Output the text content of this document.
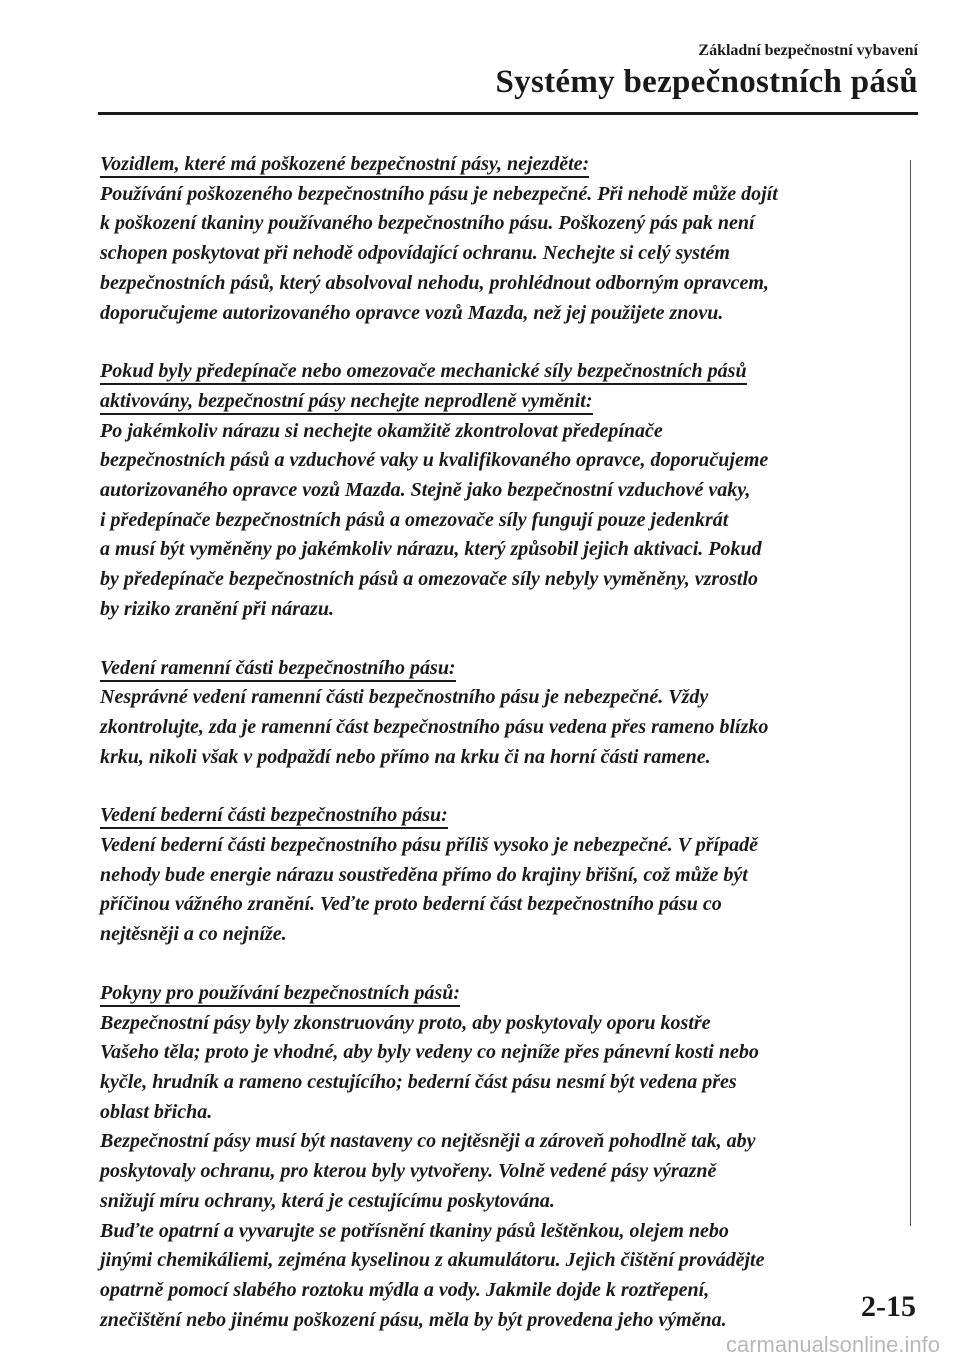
Základní bezpečnostní vybavení
Systémy bezpečnostních pásů
Vozidlem, které má poškozené bezpečnostní pásy, nejezděte:
Používání poškozeného bezpečnostního pásu je nebezpečné. Při nehodě může dojít
k poškození tkaniny používaného bezpečnostního pásu. Poškozený pás pak není
schopen poskytovat při nehodě odpovídající ochranu. Nechejte si celý systém
bezpečnostních pásů, který absolvoval nehodu, prohlédnout odborným opravcem,
doporučujeme autorizovaného opravce vozů Mazda, než jej použijete znovu.
Pokud byly předepínače nebo omezovače mechanické síly bezpečnostních pásů
aktivovány, bezpečnostní pásy nechejte neprodleně vyměnit:
Po jakémkoliv nárazu si nechejte okamžitě zkontrolovat předepínače
bezpečnostních pásů a vzduchové vaky u kvalifikovaného opravce, doporučujeme
autorizovaného opravce vozů Mazda. Stejně jako bezpečnostní vzduchové vaky,
i předepínače bezpečnostních pásů a omezovače síly fungují pouze jedenkrát
a musí být vyměněny po jakémkoliv nárazu, který způsobil jejich aktivaci. Pokud
by předepínače bezpečnostních pásů a omezovače síly nebyly vyměněny, vzrostlo
by riziko zranění při nárazu.
Vedení ramenní části bezpečnostního pásu:
Nesprávné vedení ramenní části bezpečnostního pásu je nebezpečné. Vždy
zkontrolujte, zda je ramenní část bezpečnostního pásu vedena přes rameno blízko
krku, nikoli však v podpaždí nebo přímo na krku či na horní části ramene.
Vedení bederní části bezpečnostního pásu:
Vedení bederní části bezpečnostního pásu příliš vysoko je nebezpečné. V případě
nehody bude energie nárazu soustředěna přímo do krajiny břišní, což může být
příčinou vážného zranění. Veďte proto bederní část bezpečnostního pásu co
nejtěsněji a co nejníže.
Pokyny pro používání bezpečnostních pásů:
Bezpečnostní pásy byly zkonstruovány proto, aby poskytovaly oporu kostře
Vašeho těla; proto je vhodné, aby byly vedeny co nejníže přes pánevní kosti nebo
kyčle, hrudník a rameno cestujícího; bederní část pásu nesmí být vedena přes
oblast břicha.
Bezpečnostní pásy musí být nastaveny co nejtěsněji a zároveň pohodlně tak, aby
poskytovaly ochranu, pro kterou byly vytvořeny. Volně vedené pásy výrazně
snižují míru ochrany, která je cestujícímu poskytována.
Buďte opatrní a vyvarujte se potřísnění tkaniny pásů leštěnkou, olejem nebo
jinými chemikáliemi, zejména kyselinou z akumulátoru. Jejich čištění provádějte
opatrně pomocí slabého roztoku mýdla a vody. Jakmile dojde k roztřepení,
znečištění nebo jinému poškození pásu, měla by být provedena jeho výměna.	2-15
carmanualsonline.info
